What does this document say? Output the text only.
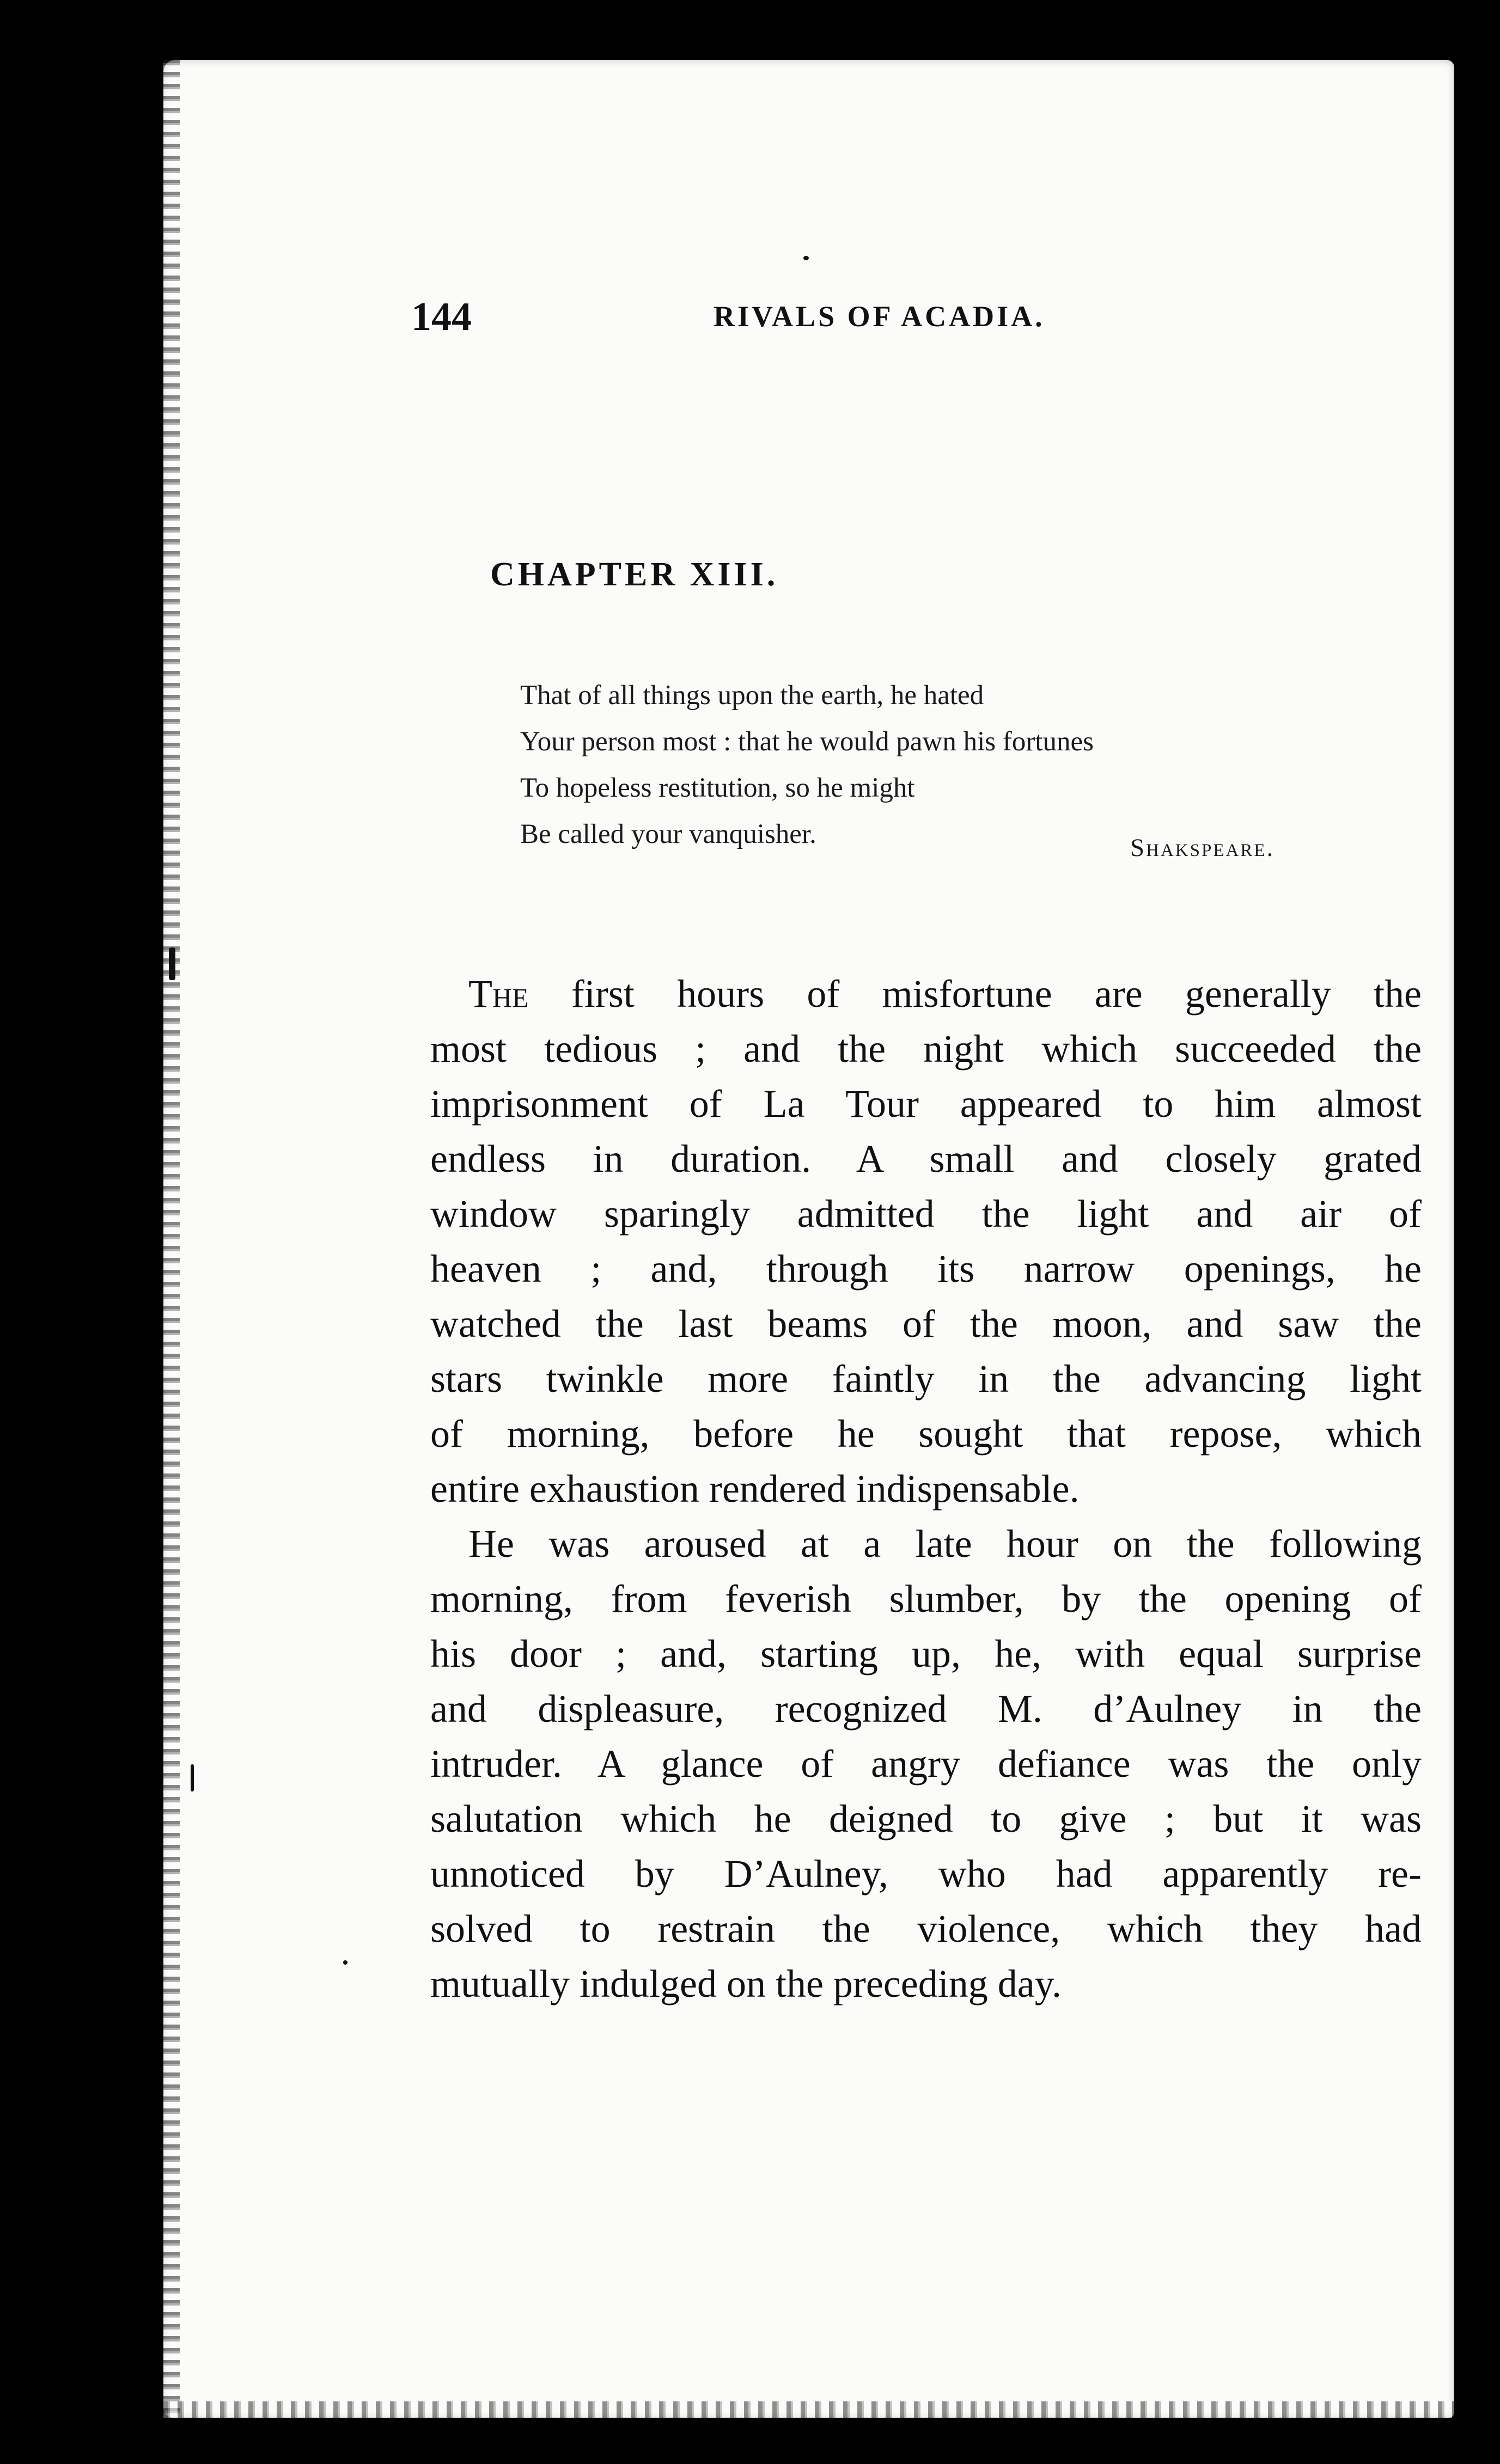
144	RIVALS OF ACADIA.
CHAPTER XIII.
That of all things upon the earth, he hated
Your person most : that he would pawn his fortunes
To hopeless restitution, so he might
Be called your vanquisher.	Shakspeare.
The first hours of misfortune are generally the
most tedious ; and the night which succeeded the
imprisonment of La Tour appeared to him almost
endless in duration. A small and closely grated
window sparingly admitted the light and air of
heaven ; and, through its narrow openings, he
watched the last beams of the moon, and saw the
stars twinkle more faintly in the advancing light
of morning, before he sought that repose, which
entire exhaustion rendered indispensable.
He was aroused at a late hour on the following
morning, from feverish slumber, by the opening of
his door ; and, starting up, he, with equal surprise
and displeasure, recognized M. d’Aulney in the
intruder. A glance of angry defiance was the only
salutation which he deigned to give ; but it was
unnoticed by D’Aulney, who had apparently re-
solved to restrain the violence, which they had
mutually indulged on the preceding day.
